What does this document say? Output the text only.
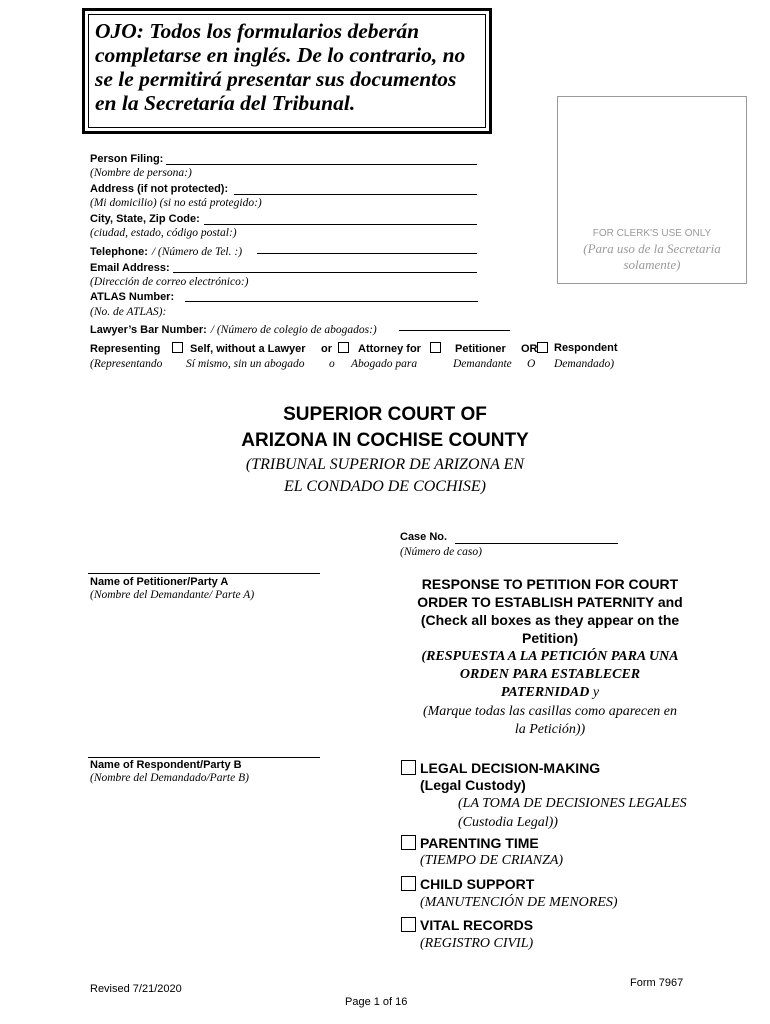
OJO: Todos los formularios deberán
completarse en inglés. De lo contrario, no
se le permitirá presentar sus documentos
en la Secretaría del Tribunal.

FOR CLERK'S USE ONLY
(Para uso de la Secretaria
solamente)
Person Filing:
(Nombre de persona:)
Address (if not protected):
(Mi domicilio) (si no está protegido:)
City, State, Zip Code:
(ciudad, estado, código postal:)
Telephone: / (Número de Tel. :)
Email Address:
(Dirección de correo electrónico:)
ATLAS Number:
(No. de ATLAS):
Lawyer’s Bar Number: / (Número de colegio de abogados:)
Representing	Self, without a Lawyer or Attorney for	Petitioner OR Respondent
(Representando Sí mismo, sin un abogado o Abogado para	Demandante O Demandado)
SUPERIOR COURT OF
ARIZONA IN COCHISE COUNTY
(TRIBUNAL SUPERIOR DE ARIZONA EN
EL CONDADO DE COCHISE)
Case No.
(Número de caso)
Name of Petitioner/Party A
(Nombre del Demandante/ Parte A)
RESPONSE TO PETITION FOR COURT
ORDER TO ESTABLISH PATERNITY and
(Check all boxes as they appear on the
Petition)
(RESPUESTA A LA PETICIÓN PARA UNA
ORDEN PARA ESTABLECER
PATERNIDAD y
(Marque todas las casillas como aparecen en
la Petición))
Name of Respondent/Party B
(Nombre del Demandado/Parte B)
LEGAL DECISION-MAKING
(Legal Custody)
(LA TOMA DE DECISIONES LEGALES
(Custodia Legal))
PARENTING TIME
(TIEMPO DE CRIANZA)
CHILD SUPPORT
(MANUTENCIÓN DE MENORES)
VITAL RECORDS
(REGISTRO CIVIL)
Revised 7/21/2020	Form 7967
Page 1 of 16
